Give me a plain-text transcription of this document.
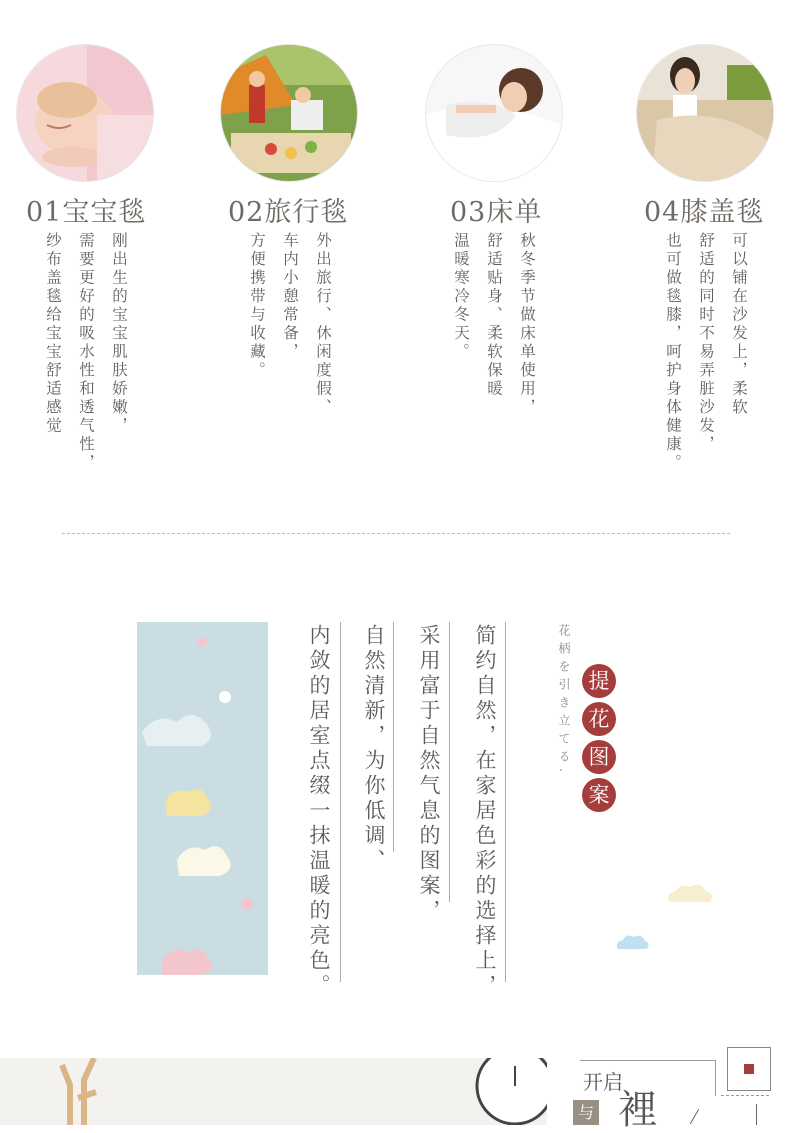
01宝宝毯	02旅行毯	03床单	04膝盖毯
刚出生的宝宝肌肤娇嫩，
需要更好的吸水性和透气性，
纱布盖毯给宝宝舒适感觉	外出旅行、休闲度假、
车内小憩常备，
方便携带与收藏。	秋冬季节做床单使用，
舒适贴身、柔软保暖
温暖寒冷冬天。	可以铺在沙发上，柔软
舒适的同时不易弄脏沙发，
也可做毯膝，呵护身体健康。
简约自然，在家居色彩的选择上，
采用富于自然气息的图案，
自然清新，为你低调、
内敛的居室点缀一抹温暖的亮色。	花柄を引き立てる. 提
花
图
案
开启
与 裡
